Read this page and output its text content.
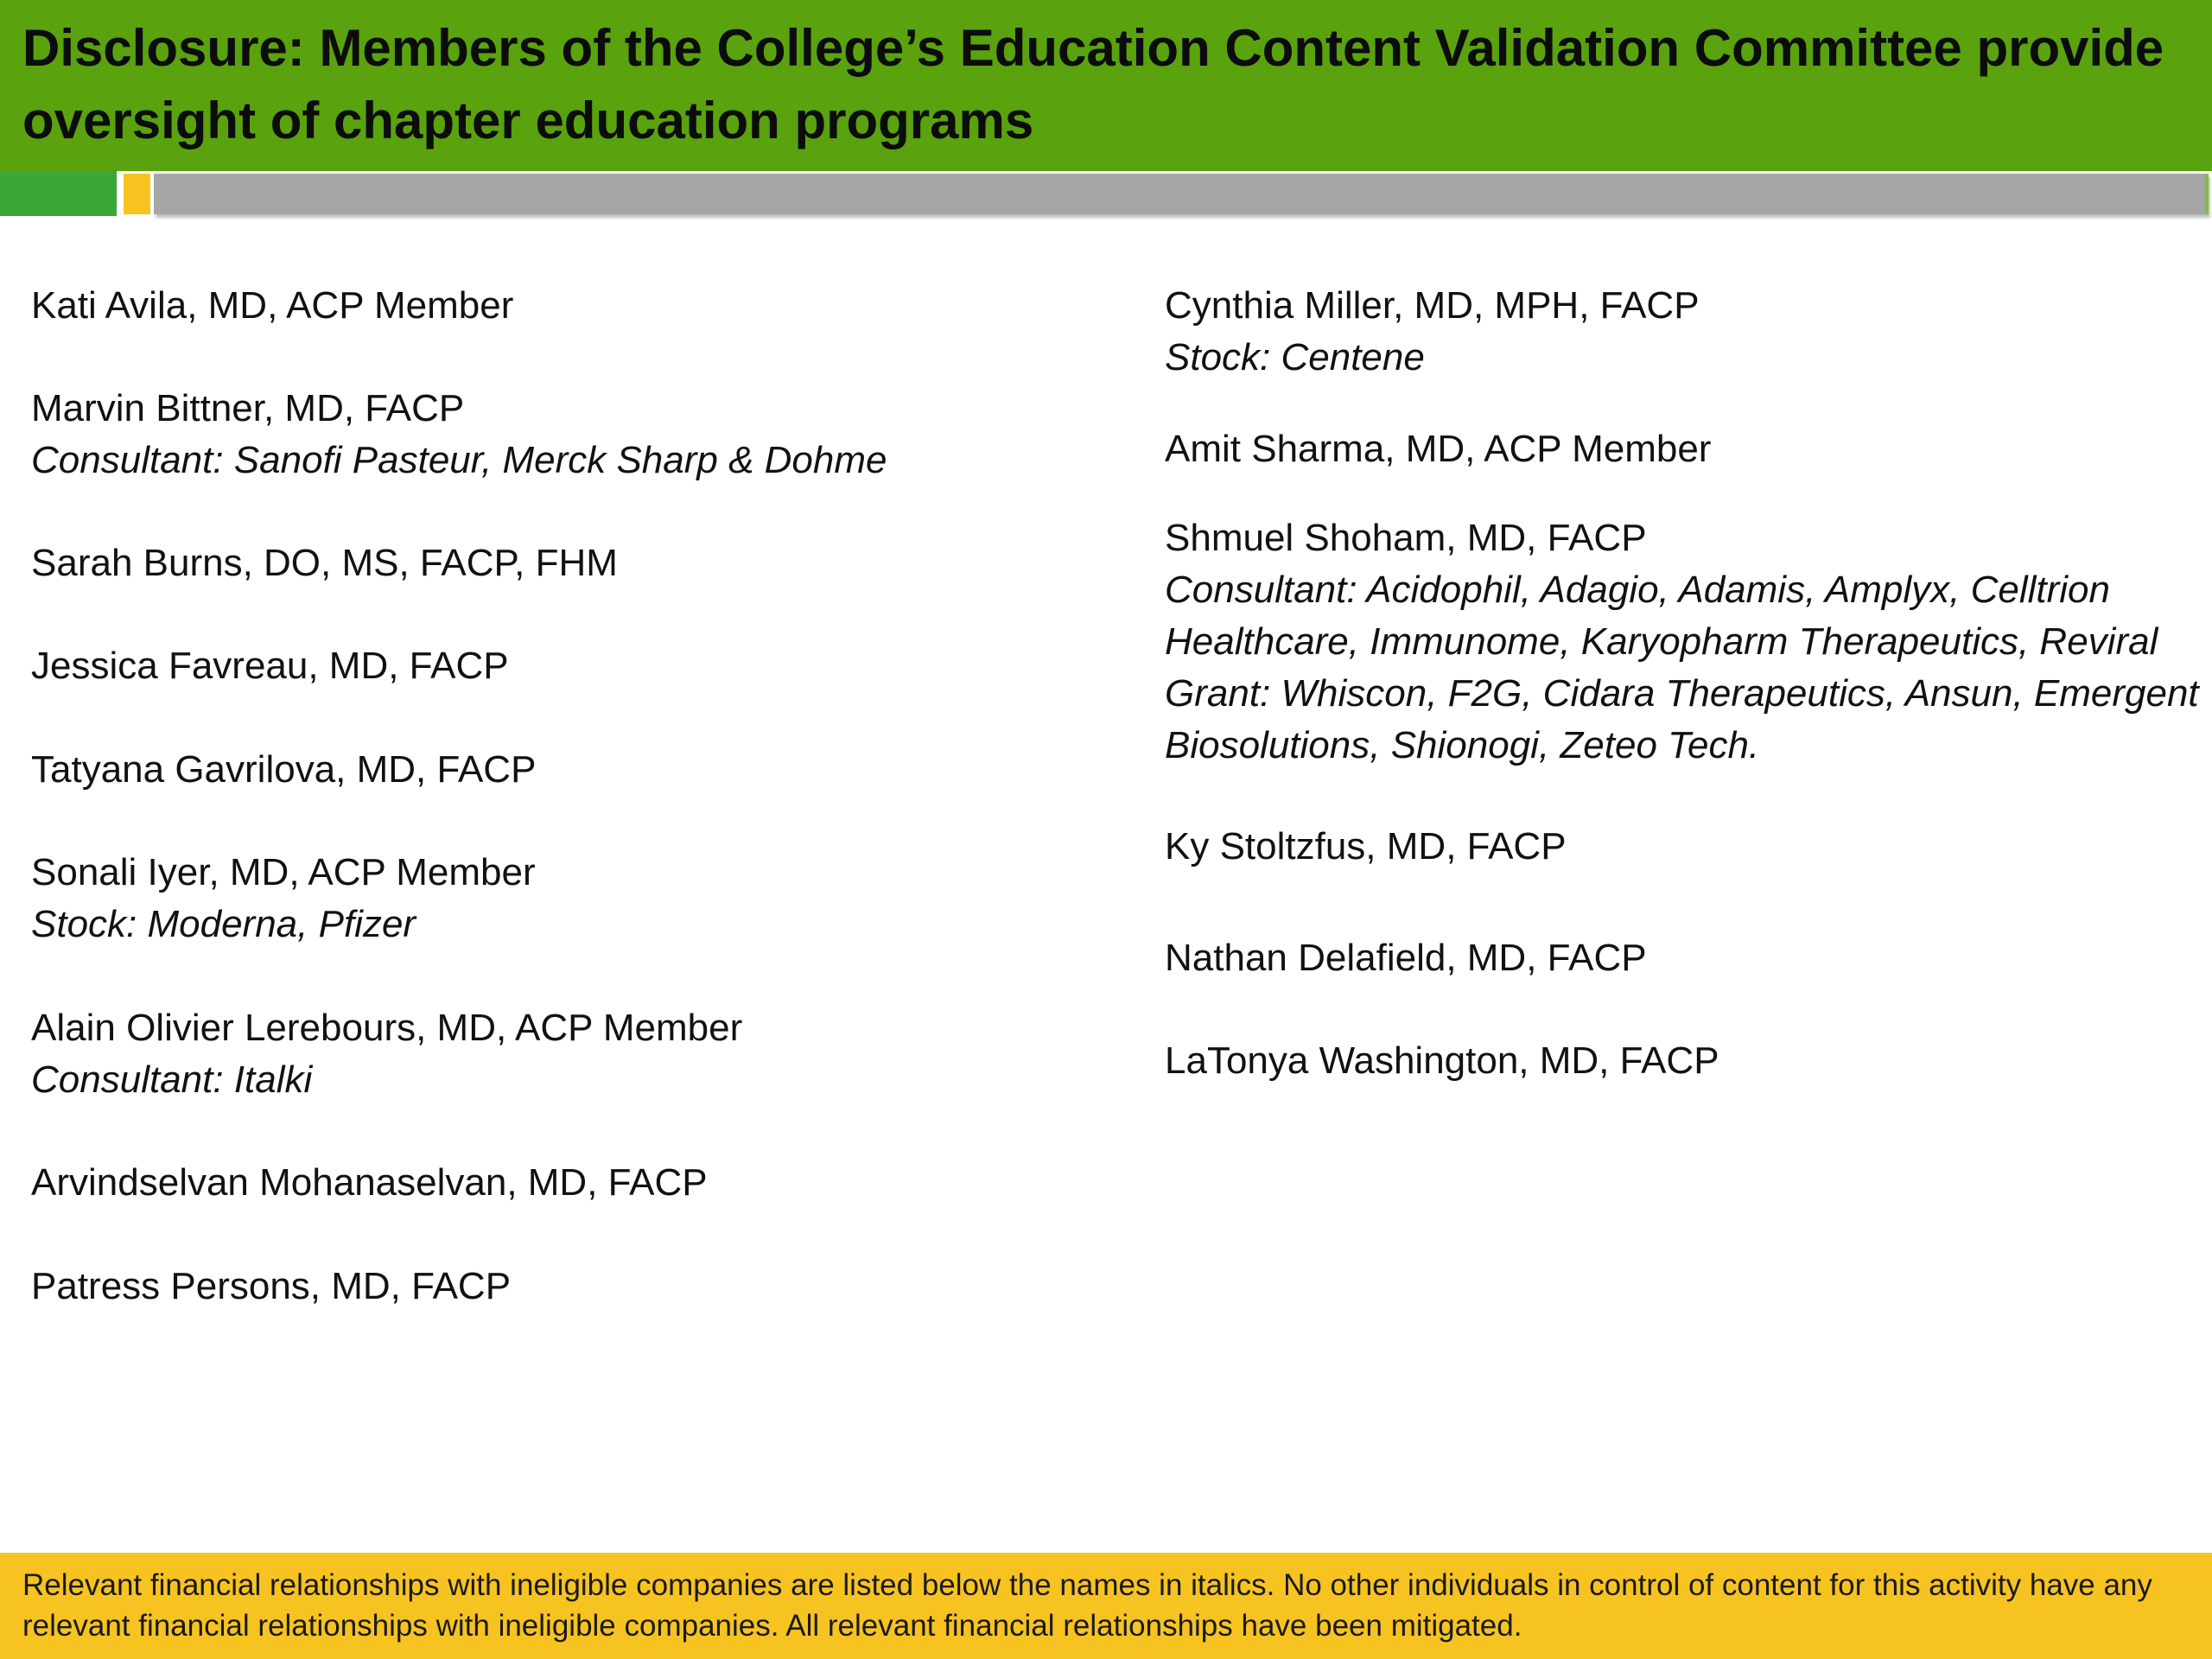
Disclosure: Members of the College’s Education Content Validation Committee provide oversight of chapter education programs
Kati Avila, MD, ACP Member
Marvin Bittner, MD, FACP
Consultant: Sanofi Pasteur, Merck Sharp & Dohme
Sarah Burns, DO, MS, FACP, FHM
Jessica Favreau, MD, FACP
Tatyana Gavrilova, MD, FACP
Sonali Iyer, MD, ACP Member
Stock: Moderna, Pfizer
Alain Olivier Lerebours, MD, ACP Member
Consultant: Italki
Arvindselvan Mohanaselvan, MD, FACP
Patress Persons, MD, FACP
Cynthia Miller, MD, MPH, FACP
Stock: Centene
Amit Sharma, MD, ACP Member
Shmuel Shoham, MD, FACP
Consultant: Acidophil, Adagio, Adamis, Amplyx, Celltrion Healthcare, Immunome, Karyopharm Therapeutics, Reviral Grant: Whiscon, F2G, Cidara Therapeutics, Ansun, Emergent Biosolutions, Shionogi, Zeteo Tech.
Ky Stoltzfus, MD, FACP
Nathan Delafield, MD, FACP
LaTonya Washington, MD, FACP

Relevant financial relationships with ineligible companies are listed below the names in italics. No other individuals in control of content for this activity have any relevant financial relationships with ineligible companies. All relevant financial relationships have been mitigated.
